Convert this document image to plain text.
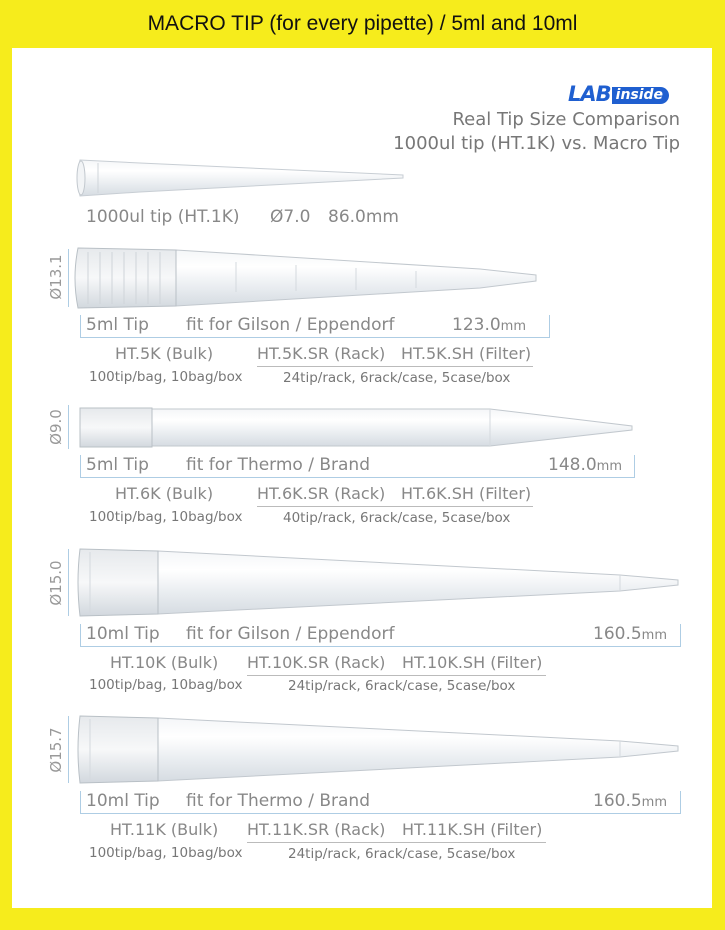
MACRO TIP (for every pipette) / 5ml and 10ml
LAB inside
Real Tip Size Comparison
1000ul tip (HT.1K) vs. Macro Tip
1000ul tip (HT.1K) Ø7.0 86.0mm
Ø13.1
5ml Tip fit for Gilson / Eppendorf	123.0mm
HT.5K (Bulk)	HT.5K.SR (Rack) HT.5K.SH (Filter)
100tip/bag, 10bag/box	24tip/rack, 6rack/case, 5case/box
Ø9.0
5ml Tip fit for Thermo / Brand	148.0mm
HT.6K (Bulk)	HT.6K.SR (Rack) HT.6K.SH (Filter)
100tip/bag, 10bag/box	40tip/rack, 6rack/case, 5case/box
Ø15.0
10ml Tip fit for Gilson / Eppendorf	160.5mm
HT.10K (Bulk) HT.10K.SR (Rack) HT.10K.SH (Filter)
100tip/bag, 10bag/box	24tip/rack, 6rack/case, 5case/box
Ø15.7
10ml Tip fit for Thermo / Brand	160.5mm
HT.11K (Bulk) HT.11K.SR (Rack) HT.11K.SH (Filter)
100tip/bag, 10bag/box	24tip/rack, 6rack/case, 5case/box
